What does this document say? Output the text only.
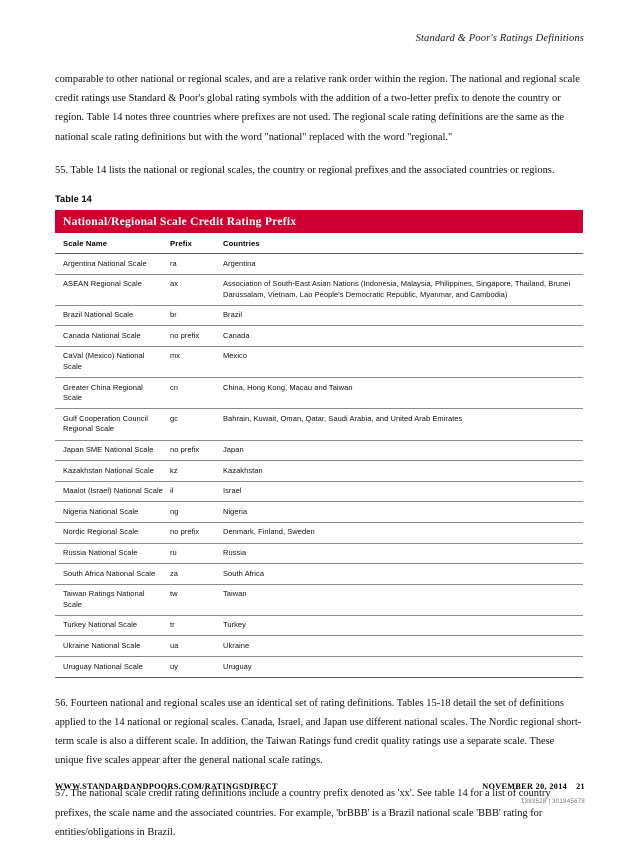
Standard & Poor's Ratings Definitions

comparable to other national or regional scales, and are a relative rank order within the region. The national and regional scale credit ratings use Standard & Poor's global rating symbols with the addition of a two-letter prefix to denote the country or region. Table 14 notes three countries where prefixes are not used. The regional scale rating definitions are the same as the national scale rating definitions but with the word "national" replaced with the word "regional."

55. Table 14 lists the national or regional scales, the country or regional prefixes and the associated countries or regions.

Table 14
National/Regional Scale Credit Rating Prefix
Scale Name	Prefix	Countries
Argentina National Scale	ra	Argentina
ASEAN Regional Scale	ax	Association of South-East Asian Nations (Indonesia, Malaysia, Philippines, Singapore, Thailand, Brunei Darussalam, Vietnam, Lao People's Democratic Republic, Myanmar, and Cambodia)
Brazil National Scale	br	Brazil
Canada National Scale	no prefix	Canada
CaVal (Mexico) National Scale	mx	Mexico
Greater China Regional Scale	cn	China, Hong Kong, Macau and Taiwan
Gulf Cooperation Council Regional Scale	gc	Bahrain, Kuwait, Oman, Qatar, Saudi Arabia, and United Arab Emirates
Japan SME National Scale	no prefix	Japan
Kazakhstan National Scale	kz	Kazakhstan
Maalot (Israel) National Scale	il	Israel
Nigeria National Scale	ng	Nigeria
Nordic Regional Scale	no prefix	Denmark, Finland, Sweden
Russia National Scale	ru	Russia
South Africa National Scale	za	South Africa
Taiwan Ratings National Scale	tw	Taiwan
Turkey National Scale	tr	Turkey
Ukraine National Scale	ua	Ukraine
Uruguay National Scale	uy	Uruguay

56. Fourteen national and regional scales use an identical set of rating definitions. Tables 15-18 detail the set of definitions applied to the 14 national or regional scales. Canada, Israel, and Japan use different national scales. The Nordic regional short-term scale is also a different scale. In addition, the Taiwan Ratings fund credit quality ratings use a separate scale. These unique five scales appear after the general national scale ratings.

57. The national scale credit rating definitions include a country prefix denoted as 'xx'. See table 14 for a list of country prefixes, the scale name and the associated countries. For example, 'brBBB' is a Brazil national scale 'BBB' rating for entities/obligations in Brazil.

WWW.STANDARDANDPOORS.COM/RATINGSDIRECT	NOVEMBER 20, 2014 21
1393528 | 301945678
